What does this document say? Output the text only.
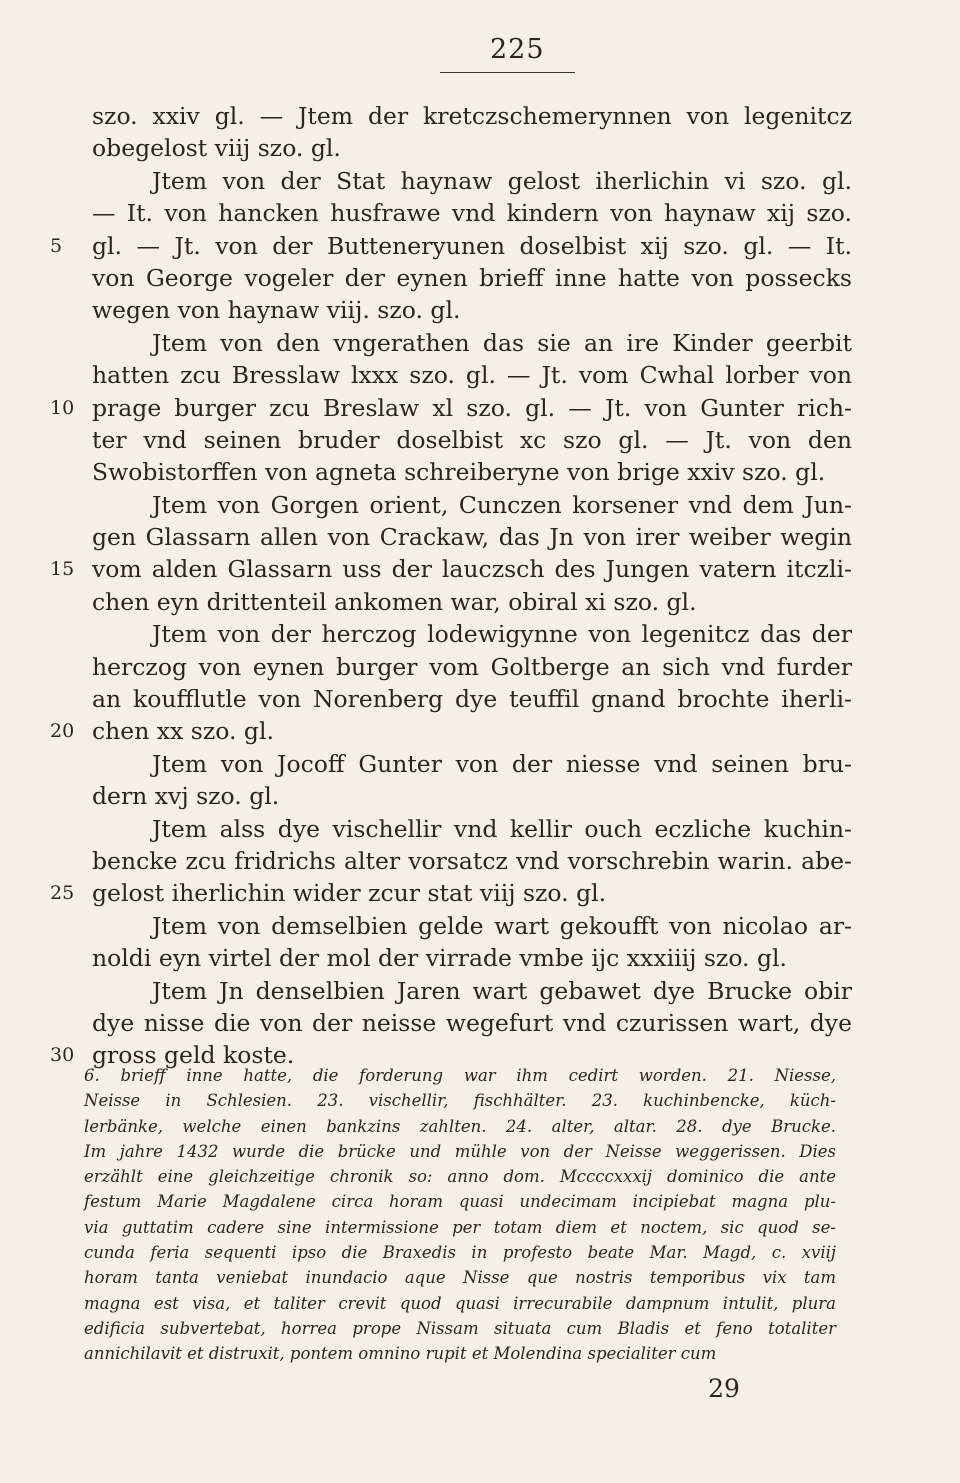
225
szo. xxiv gl. — Jtem der kretczschemerynnen von legenitcz
obegelost viij szo. gl.
Jtem von der Stat haynaw gelost iherlichin vi szo. gl.
— It. von hancken husfrawe vnd kindern von haynaw xij szo.
5	gl. — Jt. von der Butteneryunen doselbist xij szo. gl. — It.
von George vogeler der eynen brieff inne hatte von possecks
wegen von haynaw viij. szo. gl.
Jtem von den vngerathen das sie an ire Kinder geerbit
hatten zcu Bresslaw lxxx szo. gl. — Jt. vom Cwhal lorber von
10 prage burger zcu Breslaw xl szo. gl. — Jt. von Gunter rich-
ter vnd seinen bruder doselbist xc szo gl. — Jt. von den
Swobistorffen von agneta schreiberyne von brige xxiv szo. gl.
Jtem von Gorgen orient, Cunczen korsener vnd dem Jun-
gen Glassarn allen von Crackaw, das Jn von irer weiber wegin
15 vom alden Glassarn uss der lauczsch des Jungen vatern itczli-
chen eyn drittenteil ankomen war, obiral xi szo. gl.
Jtem von der herczog lodewigynne von legenitcz das der
herczog von eynen burger vom Goltberge an sich vnd furder
an koufflutle von Norenberg dye teuffil gnand brochte iherli-
20 chen xx szo. gl.
Jtem von Jocoff Gunter von der niesse vnd seinen bru-
dern xvj szo. gl.
Jtem alss dye vischellir vnd kellir ouch eczliche kuchin-
bencke zcu fridrichs alter vorsatcz vnd vorschrebin warin. abe-
25 gelost iherlichin wider zcur stat viij szo. gl.
Jtem von demselbien gelde wart gekoufft von nicolao ar-
noldi eyn virtel der mol der virrade vmbe ijc xxxiiij szo. gl.
Jtem Jn denselbien Jaren wart gebawet dye Brucke obir
dye nisse die von der neisse wegefurt vnd czurissen wart, dye
30 gross geld koste.
6. brieff inne hatte, die forderung war ihm cedirt worden. 21. Niesse,
Neisse in Schlesien. 23. vischellir, fischhälter. 23. kuchinbencke, küch-
lerbänke, welche einen bankzins zahlten. 24. alter, altar. 28. dye Brucke.
Im jahre 1432 wurde die brücke und mühle von der Neisse weggerissen. Dies
erzählt eine gleichzeitige chronik so: anno dom. Mccccxxxij dominico die ante
festum Marie Magdalene circa horam quasi undecimam incipiebat magna plu-
via guttatim cadere sine intermissione per totam diem et noctem, sic quod se-
cunda feria sequenti ipso die Braxedis in profesto beate Mar. Magd, c. xviij
horam tanta veniebat inundacio aque Nisse que nostris temporibus vix tam
magna est visa, et taliter crevit quod quasi irrecurabile dampnum intulit, plura
edificia subvertebat, horrea prope Nissam situata cum Bladis et feno totaliter
annichilavit et distruxit, pontem omnino rupit et Molendina specialiter cum
29
